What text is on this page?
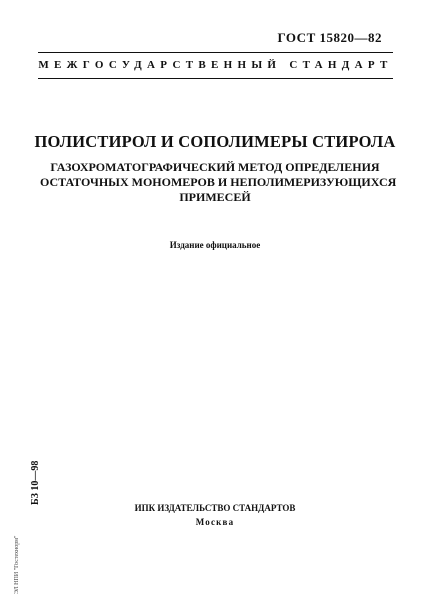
ГОСТ 15820—82
МЕЖГОСУДАРСТВЕННЫЙ СТАНДАРТ
ПОЛИСТИРОЛ И СОПОЛИМЕРЫ СТИРОЛА
ГАЗОХРОМАТОГРАФИЧЕСКИЙ МЕТОД ОПРЕДЕЛЕНИЯ
ОСТАТОЧНЫХ МОНОМЕРОВ И НЕПОЛИМЕРИЗУЮЩИХСЯ
ПРИМЕСЕЙ
Издание официальное
БЗ 10—98
ИПК ИЗДАТЕЛЬСТВО СТАНДАРТОВ
Москва
ЭЛ НПИ "Гостехнорм"
